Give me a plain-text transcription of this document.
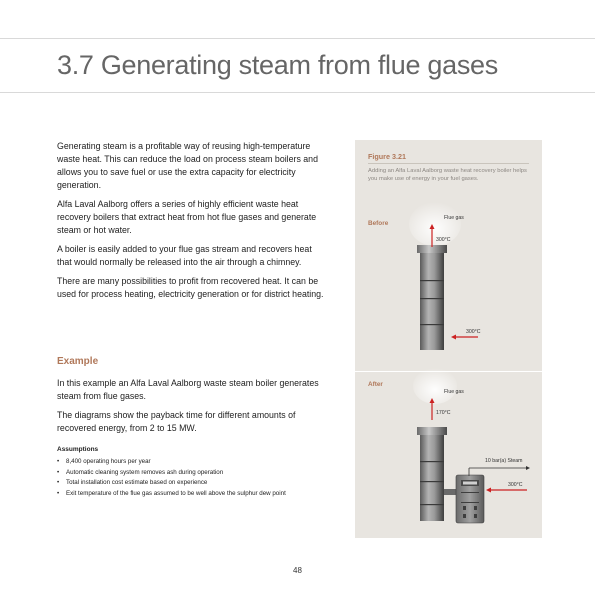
3.7 Generating steam from flue gases

Generating steam is a profitable way of reusing high-temperature waste heat. This can reduce the load on process steam boilers and allows you to save fuel or use the extra capacity for electricity generation.

Alfa Laval Aalborg offers a series of highly efficient waste heat recovery boilers that extract heat from hot flue gases and generate steam or hot water.

A boiler is easily added to your flue gas stream and recovers heat that would normally be released into the air through a chimney.

There are many possibilities to profit from recovered heat. It can be used for process heating, electricity generation or for district heating.

Example

In this example an Alfa Laval Aalborg waste steam boiler generates steam from flue gases.

The diagrams show the payback time for different amounts of recovered energy, from 2 to 15 MW.

Assumptions
• 8,400 operating hours per year
• Automatic cleaning system removes ash during operation
• Total installation cost estimate based on experience
• Exit temperature of the flue gas assumed to be well above the sulphur dew point
Figure 3.21
Adding an Alfa Laval Aalborg waste heat recovery boiler helps you make use of energy in your fuel gases.
Before
After
Flue gas
300°C
300°C
Flue gas
170°C
10 bar(a) Steam
300°C
48
